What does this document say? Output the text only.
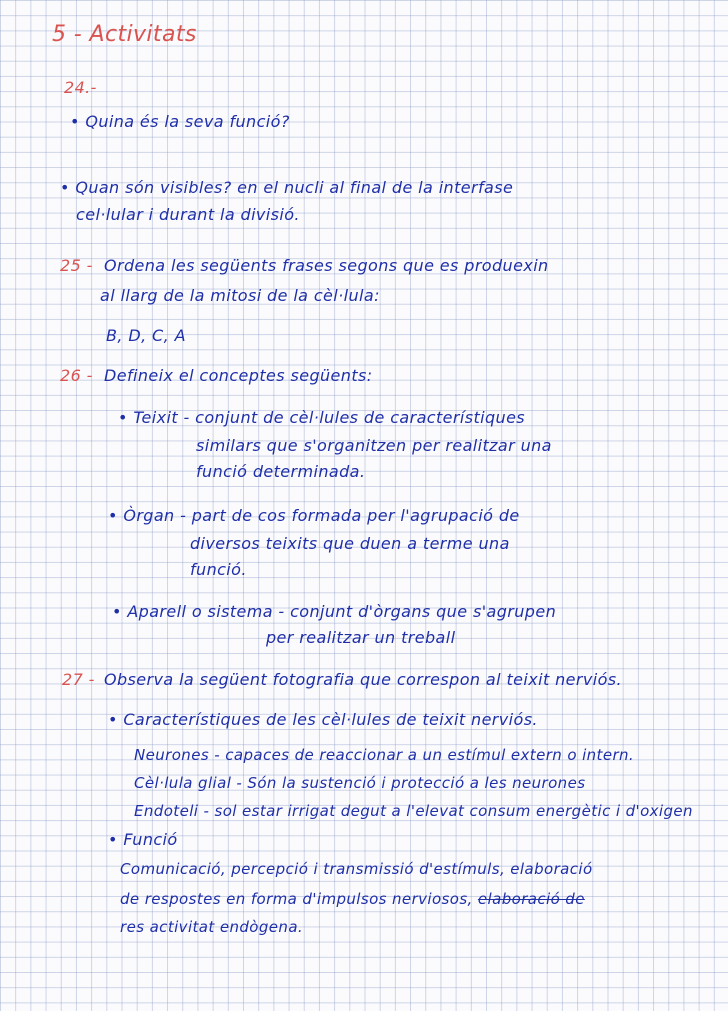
5 - Activitats
24.-
• Quina és la seva funció?
• Quan són visibles? en el nucli al final de la interfase
cel·lular i durant la divisió.
25 - Ordena les següents frases segons que es produexin
al llarg de la mitosi de la cèl·lula:
B, D, C, A
26 - Defineix el conceptes següents:
• Teixit - conjunt de cèl·lules de característiques
similars que s'organitzen per realitzar una
funció determinada.
• Òrgan - part de cos formada per l'agrupació de
diversos teixits que duen a terme una
funció.
• Aparell o sistema - conjunt d'òrgans que s'agrupen
per realitzar un treball
27 - Observa la següent fotografia que correspon al teixit nerviós.
• Característiques de les cèl·lules de teixit nerviós.
Neurones - capaces de reaccionar a un estímul extern o intern.
Cèl·lula glial - Són la sustenció i protecció a les neurones
Endoteli - sol estar irrigat degut a l'elevat consum energètic i d'oxigen
• Funció
Comunicació, percepció i transmissió d'estímuls, elaboració
de respostes en forma d'impulsos nerviosos, elaboració de
res activitat endògena.
